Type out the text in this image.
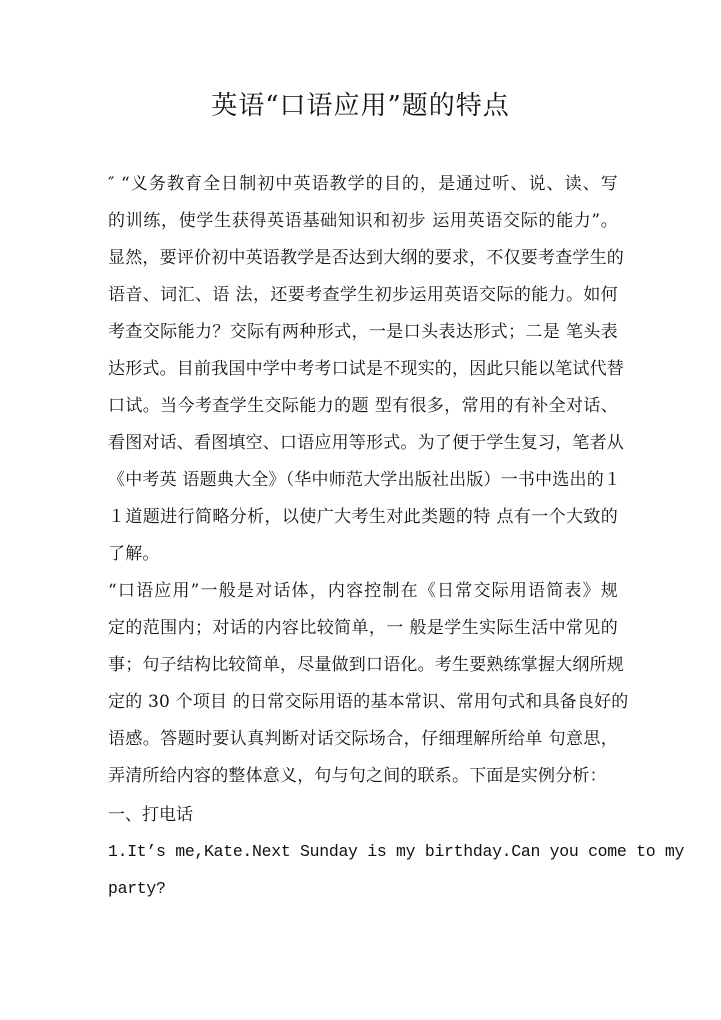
英语“口语应用”题的特点
″ “义务教育全日制初中英语教学的目的，是通过听、说、读、写
的训练，使学生获得英语基础知识和初步 运用英语交际的能力”。
显然，要评价初中英语教学是否达到大纲的要求，不仅要考查学生的
语音、词汇、语 法，还要考查学生初步运用英语交际的能力。如何
考查交际能力？交际有两种形式，一是口头表达形式；二是 笔头表
达形式。目前我国中学中考考口试是不现实的，因此只能以笔试代替
口试。当今考查学生交际能力的题 型有很多，常用的有补全对话、
看图对话、看图填空、口语应用等形式。为了便于学生复习，笔者从
《中考英 语题典大全》（华中师范大学出版社出版）一书中选出的１
１道题进行简略分析，以使广大考生对此类题的特 点有一个大致的
了解。
“口语应用”一般是对话体，内容控制在《日常交际用语简表》规
定的范围内；对话的内容比较简单，一 般是学生实际生活中常见的
事；句子结构比较简单，尽量做到口语化。考生要熟练掌握大纲所规
定的 30 个项目 的日常交际用语的基本常识、常用句式和具备良好的
语感。答题时要认真判断对话交际场合，仔细理解所给单 句意思，
弄清所给内容的整体意义，句与句之间的联系。下面是实例分析：
一、打电话
1.It’s me,Kate.Next Sunday is my birthday.Can you come to my
party?
